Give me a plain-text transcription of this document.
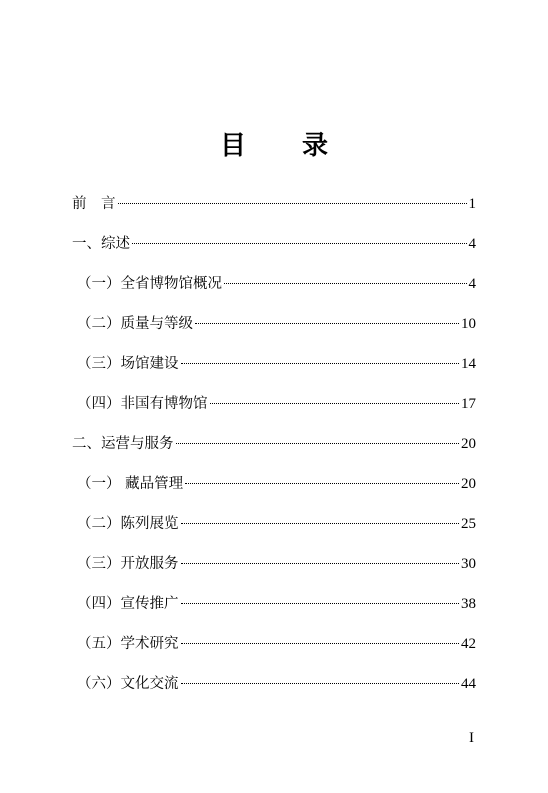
目录
前　言	1
一、综述	4
（一）全省博物馆概况	4
（二）质量与等级	10
（三）场馆建设	14
（四）非国有博物馆	17
二、运营与服务	20
（一） 藏品管理	20
（二）陈列展览	25
（三）开放服务	30
（四）宣传推广	38
（五）学术研究	42
（六）文化交流	44
I
